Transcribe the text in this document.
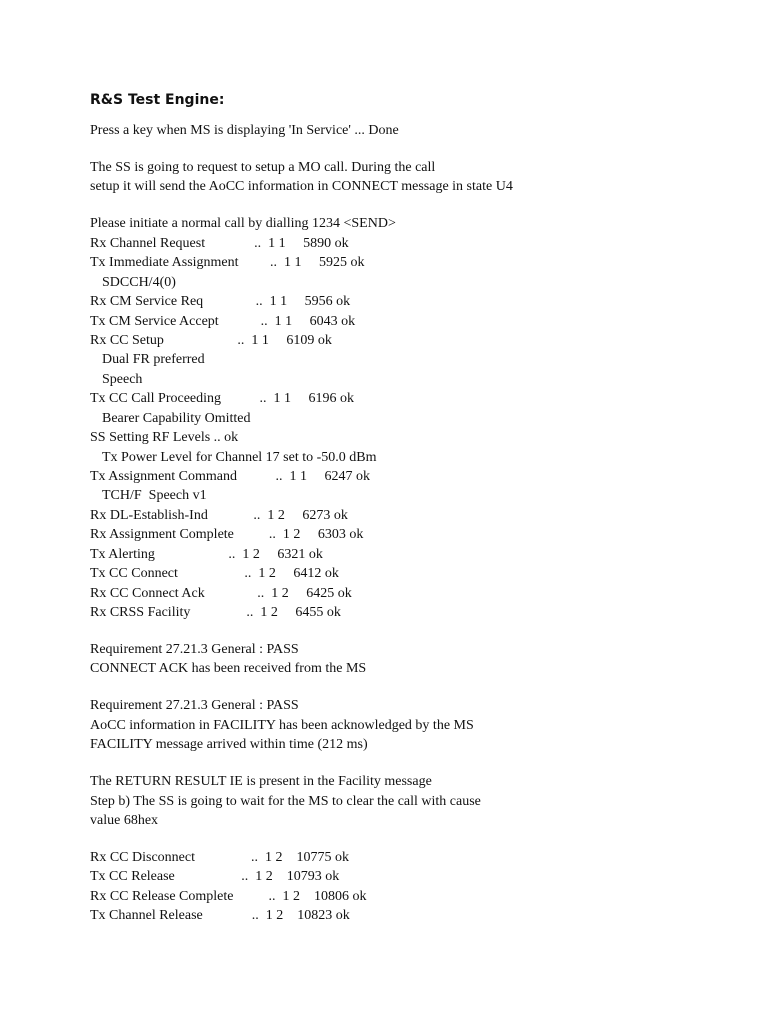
R&S Test Engine:
Press a key when MS is displaying 'In Service' ... Done
The SS is going to request to setup a MO call. During the call
setup it will send the AoCC information in CONNECT message in state U4
Please initiate a normal call by dialling 1234 <SEND>
Rx Channel Request              ..  1 1     5890 ok
Tx Immediate Assignment         ..  1 1     5925 ok
SDCCH/4(0)
Rx CM Service Req               ..  1 1     5956 ok
Tx CM Service Accept            ..  1 1     6043 ok
Rx CC Setup                     ..  1 1     6109 ok
Dual FR preferred
Speech
Tx CC Call Proceeding           ..  1 1     6196 ok
Bearer Capability Omitted
SS Setting RF Levels .. ok
Tx Power Level for Channel 17 set to -50.0 dBm
Tx Assignment Command           ..  1 1     6247 ok
TCH/F  Speech v1
Rx DL-Establish-Ind             ..  1 2     6273 ok
Rx Assignment Complete          ..  1 2     6303 ok
Tx Alerting                     ..  1 2     6321 ok
Tx CC Connect                   ..  1 2     6412 ok
Rx CC Connect Ack               ..  1 2     6425 ok
Rx CRSS Facility                ..  1 2     6455 ok
Requirement 27.21.3 General : PASS
CONNECT ACK has been received from the MS
Requirement 27.21.3 General : PASS
AoCC information in FACILITY has been acknowledged by the MS
FACILITY message arrived within time (212 ms)
The RETURN RESULT IE is present in the Facility message
Step b) The SS is going to wait for the MS to clear the call with cause
value 68hex
Rx CC Disconnect                ..  1 2    10775 ok
Tx CC Release                   ..  1 2    10793 ok
Rx CC Release Complete          ..  1 2    10806 ok
Tx Channel Release              ..  1 2    10823 ok
